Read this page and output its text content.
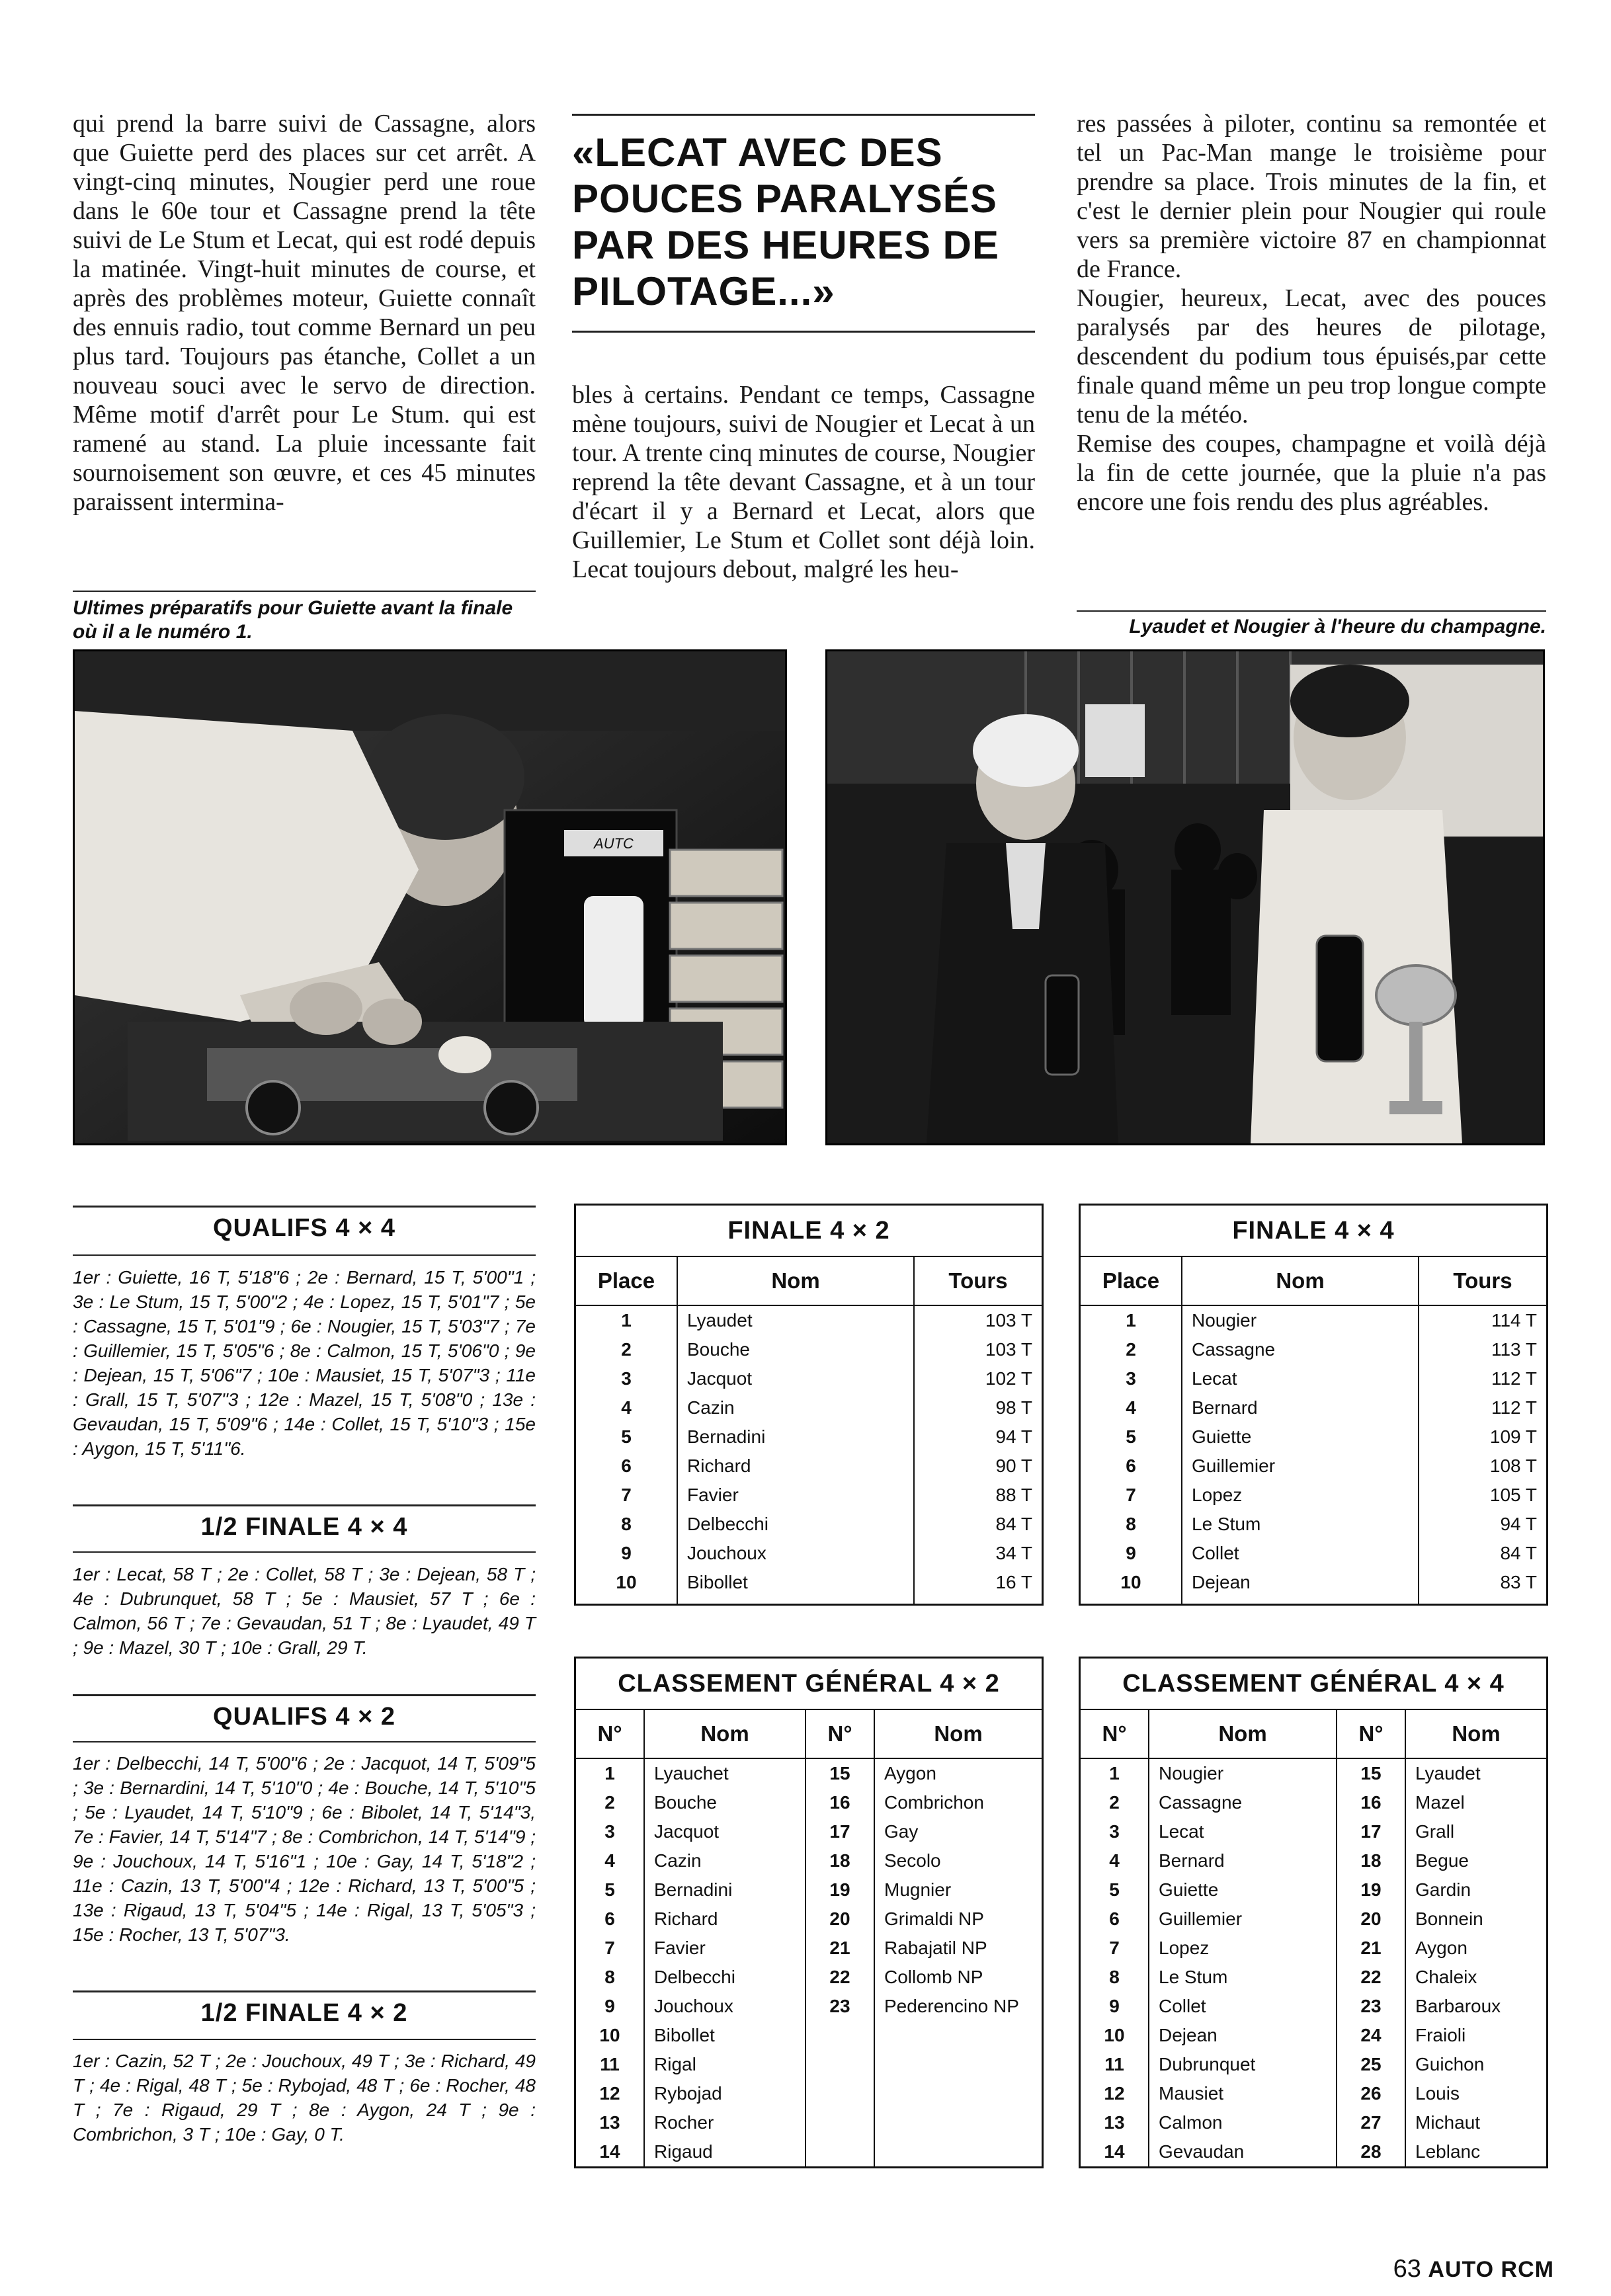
qui prend la barre suivi de Cassagne, alors que Guiette perd des places sur cet arrêt. A vingt-cinq minutes, Nougier perd une roue dans le 60e tour et Cassagne prend la tête suivi de Le Stum et Lecat, qui est rodé depuis la matinée. Vingt-huit minutes de course, et après des problèmes moteur, Guiette connaît des ennuis radio, tout comme Bernard un peu plus tard. Toujours pas étanche, Collet a un nouveau souci avec le servo de direction. Même motif d'arrêt pour Le Stum. qui est ramené au stand. La pluie incessante fait sournoisement son œuvre, et ces 45 minutes paraissent intermina-

«LECAT AVEC DES POUCES PARALYSÉS PAR DES HEURES DE PILOTAGE...»

bles à certains. Pendant ce temps, Cassagne mène toujours, suivi de Nougier et Lecat à un tour. A trente cinq minutes de course, Nougier reprend la tête devant Cassagne, et à un tour d'écart il y a Bernard et Lecat, alors que Guillemier, Le Stum et Collet sont déjà loin. Lecat toujours debout, malgré les heu-

res passées à piloter, continu sa remontée et tel un Pac-Man mange le troisième pour prendre sa place. Trois minutes de la fin, et c'est le dernier plein pour Nougier qui roule vers sa première victoire 87 en championnat de France.

Nougier, heureux, Lecat, avec des pouces paralysés par des heures de pilotage, descendent du podium tous épuisés,par cette finale quand même un peu trop longue compte tenu de la météo.

Remise des coupes, champagne et voilà déjà la fin de cette journée, que la pluie n'a pas encore une fois rendu des plus agréables.

Ultimes préparatifs pour Guiette avant la finale où il a le numéro 1.	Lyaudet et Nougier à l'heure du champagne.
AUTC
QUALIFS 4 × 4
1er : Guiette, 16 T, 5'18"6 ; 2e : Bernard, 15 T, 5'00"1 ; 3e : Le Stum, 15 T, 5'00"2 ; 4e : Lopez, 15 T, 5'01"7 ; 5e : Cassagne, 15 T, 5'01"9 ; 6e : Nougier, 15 T, 5'03"7 ; 7e : Guillemier, 15 T, 5'05"6 ; 8e : Calmon, 15 T, 5'06"0 ; 9e : Dejean, 15 T, 5'06"7 ; 10e : Mausiet, 15 T, 5'07"3 ; 11e : Grall, 15 T, 5'07"3 ; 12e : Mazel, 15 T, 5'08"0 ; 13e : Gevaudan, 15 T, 5'09"6 ; 14e : Collet, 15 T, 5'10"3 ; 15e : Aygon, 15 T, 5'11"6.
1/2 FINALE 4 × 4
1er : Lecat, 58 T ; 2e : Collet, 58 T ; 3e : Dejean, 58 T ; 4e : Dubrunquet, 58 T ; 5e : Mausiet, 57 T ; 6e : Calmon, 56 T ; 7e : Gevaudan, 51 T ; 8e : Lyaudet, 49 T ; 9e : Mazel, 30 T ; 10e : Grall, 29 T.
QUALIFS 4 × 2
1er : Delbecchi, 14 T, 5'00"6 ; 2e : Jacquot, 14 T, 5'09"5 ; 3e : Bernardini, 14 T, 5'10"0 ; 4e : Bouche, 14 T, 5'10"5 ; 5e : Lyaudet, 14 T, 5'10"9 ; 6e : Bibolet, 14 T, 5'14"3, 7e : Favier, 14 T, 5'14"7 ; 8e : Combrichon, 14 T, 5'14"9 ; 9e : Jouchoux, 14 T, 5'16"1 ; 10e : Gay, 14 T, 5'18"2 ; 11e : Cazin, 13 T, 5'00"4 ; 12e : Richard, 13 T, 5'00"5 ; 13e : Rigaud, 13 T, 5'04"5 ; 14e : Rigal, 13 T, 5'05"3 ; 15e : Rocher, 13 T, 5'07"3.
1/2 FINALE 4 × 2
1er : Cazin, 52 T ; 2e : Jouchoux, 49 T ; 3e : Richard, 49 T ; 4e : Rigal, 48 T ; 5e : Rybojad, 48 T ; 6e : Rocher, 48 T ; 7e : Rigaud, 29 T ; 8e : Aygon, 24 T ; 9e : Combrichon, 3 T ; 10e : Gay, 0 T.
FINALE 4 × 2		
Place	Nom	Tours
1	Lyaudet	103 T
2	Bouche	103 T
3	Jacquot	102 T
4	Cazin	98 T
5	Bernadini	94 T
6	Richard	90 T
7	Favier	88 T
8	Delbecchi	84 T
9	Jouchoux	34 T
10	Bibollet	16 T

FINALE 4 × 4		
Place	Nom	Tours
1	Nougier	114 T
2	Cassagne	113 T
3	Lecat	112 T
4	Bernard	112 T
5	Guiette	109 T
6	Guillemier	108 T
7	Lopez	105 T
8	Le Stum	94 T
9	Collet	84 T
10	Dejean	83 T

CLASSEMENT GÉNÉRAL 4 × 2			
N°	Nom	N°	Nom
1	Lyauchet	15	Aygon
2	Bouche	16	Combrichon
3	Jacquot	17	Gay
4	Cazin	18	Secolo
5	Bernadini	19	Mugnier
6	Richard	20	Grimaldi NP
7	Favier	21	Rabajatil NP
8	Delbecchi	22	Collomb NP
9	Jouchoux	23	Pederencino NP
10	Bibollet		
11	Rigal		
12	Rybojad		
13	Rocher		
14	Rigaud		
CLASSEMENT GÉNÉRAL 4 × 4			
N°	Nom	N°	Nom
1	Nougier	15	Lyaudet
2	Cassagne	16	Mazel
3	Lecat	17	Grall
4	Bernard	18	Begue
5	Guiette	19	Gardin
6	Guillemier	20	Bonnein
7	Lopez	21	Aygon
8	Le Stum	22	Chaleix
9	Collet	23	Barbaroux
10	Dejean	24	Fraioli
11	Dubrunquet	25	Guichon
12	Mausiet	26	Louis
13	Calmon	27	Michaut
14	Gevaudan	28	Leblanc
63 AUTO RCM
